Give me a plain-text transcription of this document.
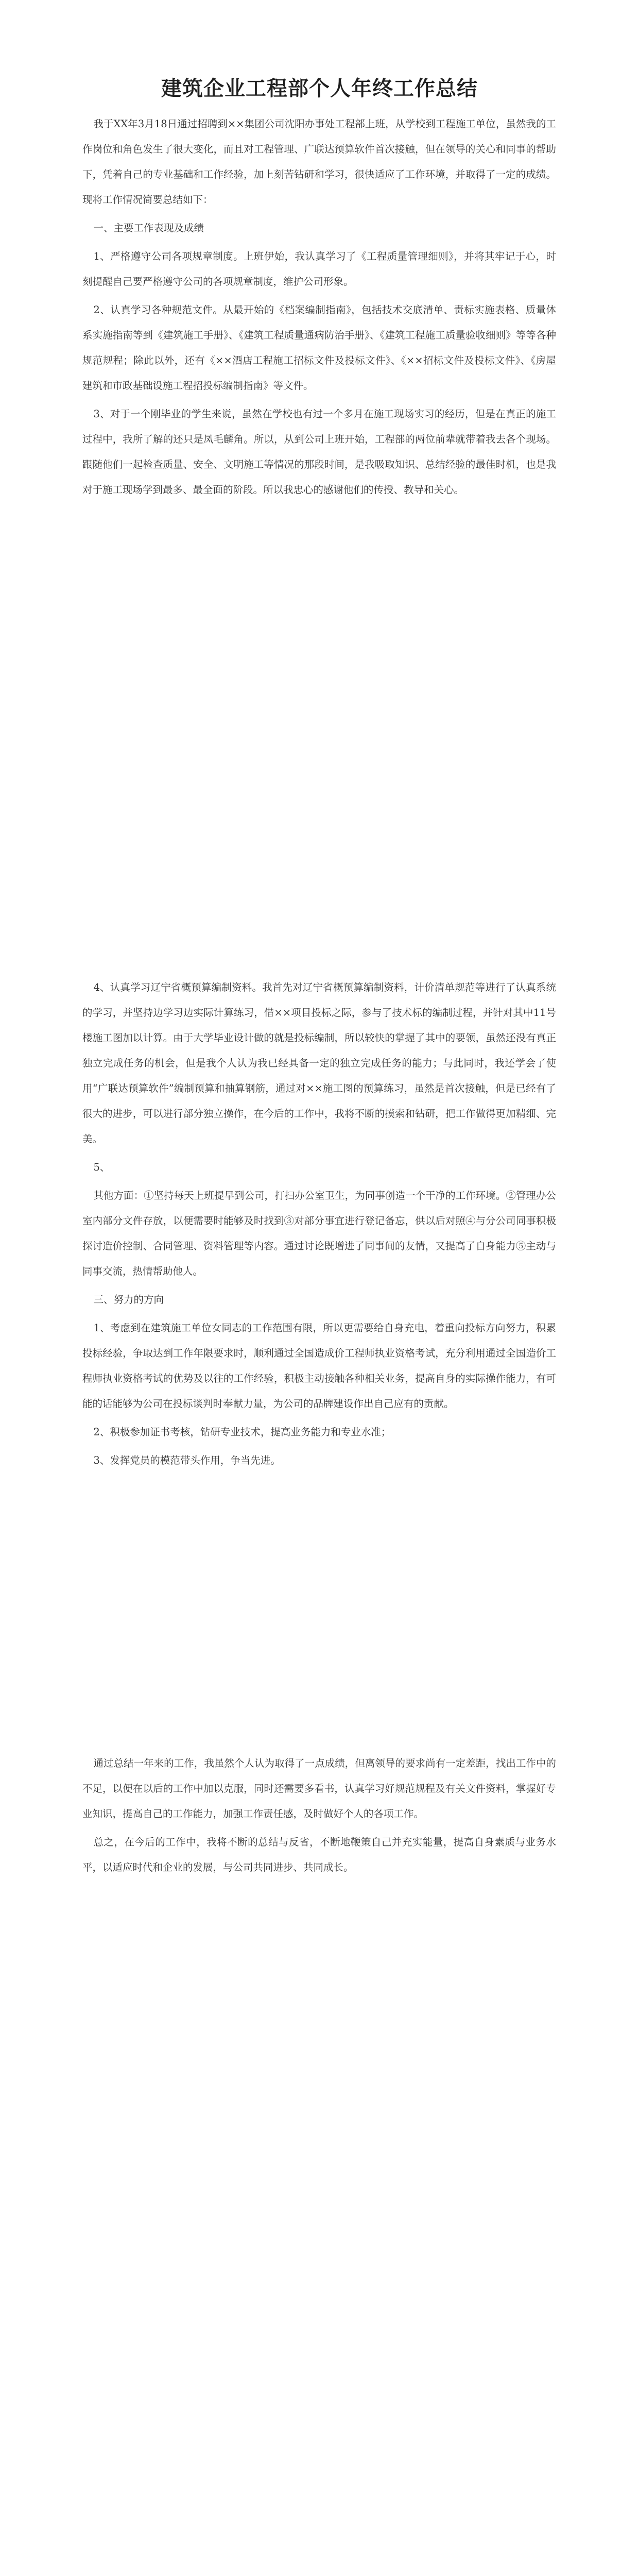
建筑企业工程部个人年终工作总结

我于XX年3月18日通过招聘到××集团公司沈阳办事处工程部上班，从学校到工程施工单位，虽然我的工作岗位和角色发生了很大变化，而且对工程管理、广联达预算软件首次接触，但在领导的关心和同事的帮助下，凭着自己的专业基础和工作经验，加上刻苦钻研和学习，很快适应了工作环境，并取得了一定的成绩。现将工作情况简要总结如下：

一、主要工作表现及成绩

1、严格遵守公司各项规章制度。上班伊始，我认真学习了《工程质量管理细则》，并将其牢记于心，时刻提醒自己要严格遵守公司的各项规章制度，维护公司形象。

2、认真学习各种规范文件。从最开始的《档案编制指南》，包括技术交底清单、责标实施表格、质量体系实施指南等到《建筑施工手册》、《建筑工程质量通病防治手册》、《建筑工程施工质量验收细则》等等各种规范规程；除此以外，还有《××酒店工程施工招标文件及投标文件》、《××招标文件及投标文件》、《房屋建筑和市政基础设施工程招投标编制指南》等文件。

3、对于一个刚毕业的学生来说，虽然在学校也有过一个多月在施工现场实习的经历，但是在真正的施工过程中，我所了解的还只是凤毛麟角。所以，从到公司上班开始，工程部的两位前辈就带着我去各个现场。跟随他们一起检查质量、安全、文明施工等情况的那段时间，是我吸取知识、总结经验的最佳时机，也是我对于施工现场学到最多、最全面的阶段。所以我忠心的感谢他们的传授、教导和关心。

4、认真学习辽宁省概预算编制资料。我首先对辽宁省概预算编制资料，计价清单规范等进行了认真系统的学习，并坚持边学习边实际计算练习，借××项目投标之际，参与了技术标的编制过程，并针对其中11号楼施工图加以计算。由于大学毕业设计做的就是投标编制，所以较快的掌握了其中的要领，虽然还没有真正独立完成任务的机会，但是我个人认为我已经具备一定的独立完成任务的能力；与此同时，我还学会了使用“广联达预算软件”编制预算和抽算钢筋，通过对××施工图的预算练习，虽然是首次接触，但是已经有了很大的进步，可以进行部分独立操作，在今后的工作中，我将不断的摸索和钻研，把工作做得更加精细、完美。

5、

其他方面：①坚持每天上班提早到公司，打扫办公室卫生，为同事创造一个干净的工作环境。②管理办公室内部分文件存放，以便需要时能够及时找到③对部分事宜进行登记备忘，供以后对照④与分公司同事积极探讨造价控制、合同管理、资料管理等内容。通过讨论既增进了同事间的友情，又提高了自身能力⑤主动与同事交流，热情帮助他人。

三、努力的方向

1、考虑到在建筑施工单位女同志的工作范围有限，所以更需要给自身充电，着重向投标方向努力，积累投标经验，争取达到工作年限要求时，顺利通过全国造成价工程师执业资格考试，充分利用通过全国造价工程师执业资格考试的优势及以往的工作经验，积极主动接触各种相关业务，提高自身的实际操作能力，有可能的话能够为公司在投标谈判时奉献力量，为公司的品牌建设作出自己应有的贡献。

2、积极参加证书考核，钻研专业技术，提高业务能力和专业水准；

3、发挥党员的模范带头作用，争当先进。

通过总结一年来的工作，我虽然个人认为取得了一点成绩，但离领导的要求尚有一定差距，找出工作中的不足，以便在以后的工作中加以克服，同时还需要多看书，认真学习好规范规程及有关文件资料，掌握好专业知识，提高自己的工作能力，加强工作责任感，及时做好个人的各项工作。

总之，在今后的工作中，我将不断的总结与反省，不断地鞭策自己并充实能量，提高自身素质与业务水平，以适应时代和企业的发展，与公司共同进步、共同成长。
